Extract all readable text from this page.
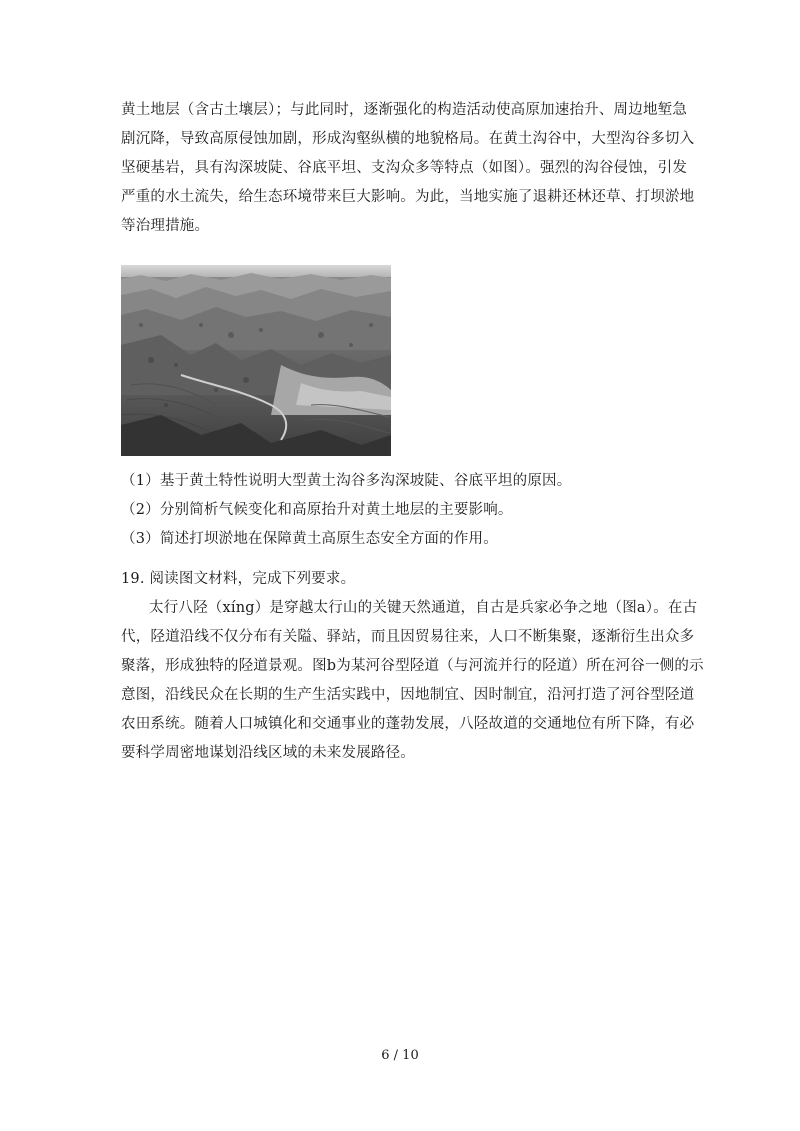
黄土地层（含古土壤层）；与此同时，逐渐强化的构造活动使高原加速抬升、周边地堑急
剧沉降，导致高原侵蚀加剧，形成沟壑纵横的地貌格局。在黄土沟谷中，大型沟谷多切入
坚硬基岩，具有沟深坡陡、谷底平坦、支沟众多等特点（如图）。强烈的沟谷侵蚀，引发
严重的水土流失，给生态环境带来巨大影响。为此，当地实施了退耕还林还草、打坝淤地
等治理措施。
（1）基于黄土特性说明大型黄土沟谷多沟深坡陡、谷底平坦的原因。
（2）分别简析气候变化和高原抬升对黄土地层的主要影响。
（3）简述打坝淤地在保障黄土高原生态安全方面的作用。
19. 阅读图文材料，完成下列要求。
太行八陉（xíng）是穿越太行山的关键天然通道，自古是兵家必争之地（图a）。在古
代，陉道沿线不仅分布有关隘、驿站，而且因贸易往来，人口不断集聚，逐渐衍生出众多
聚落，形成独特的陉道景观。图b为某河谷型陉道（与河流并行的陉道）所在河谷一侧的示
意图，沿线民众在长期的生产生活实践中，因地制宜、因时制宜，沿河打造了河谷型陉道
农田系统。随着人口城镇化和交通事业的蓬勃发展，八陉故道的交通地位有所下降，有必
要科学周密地谋划沿线区域的未来发展路径。
6 / 10
